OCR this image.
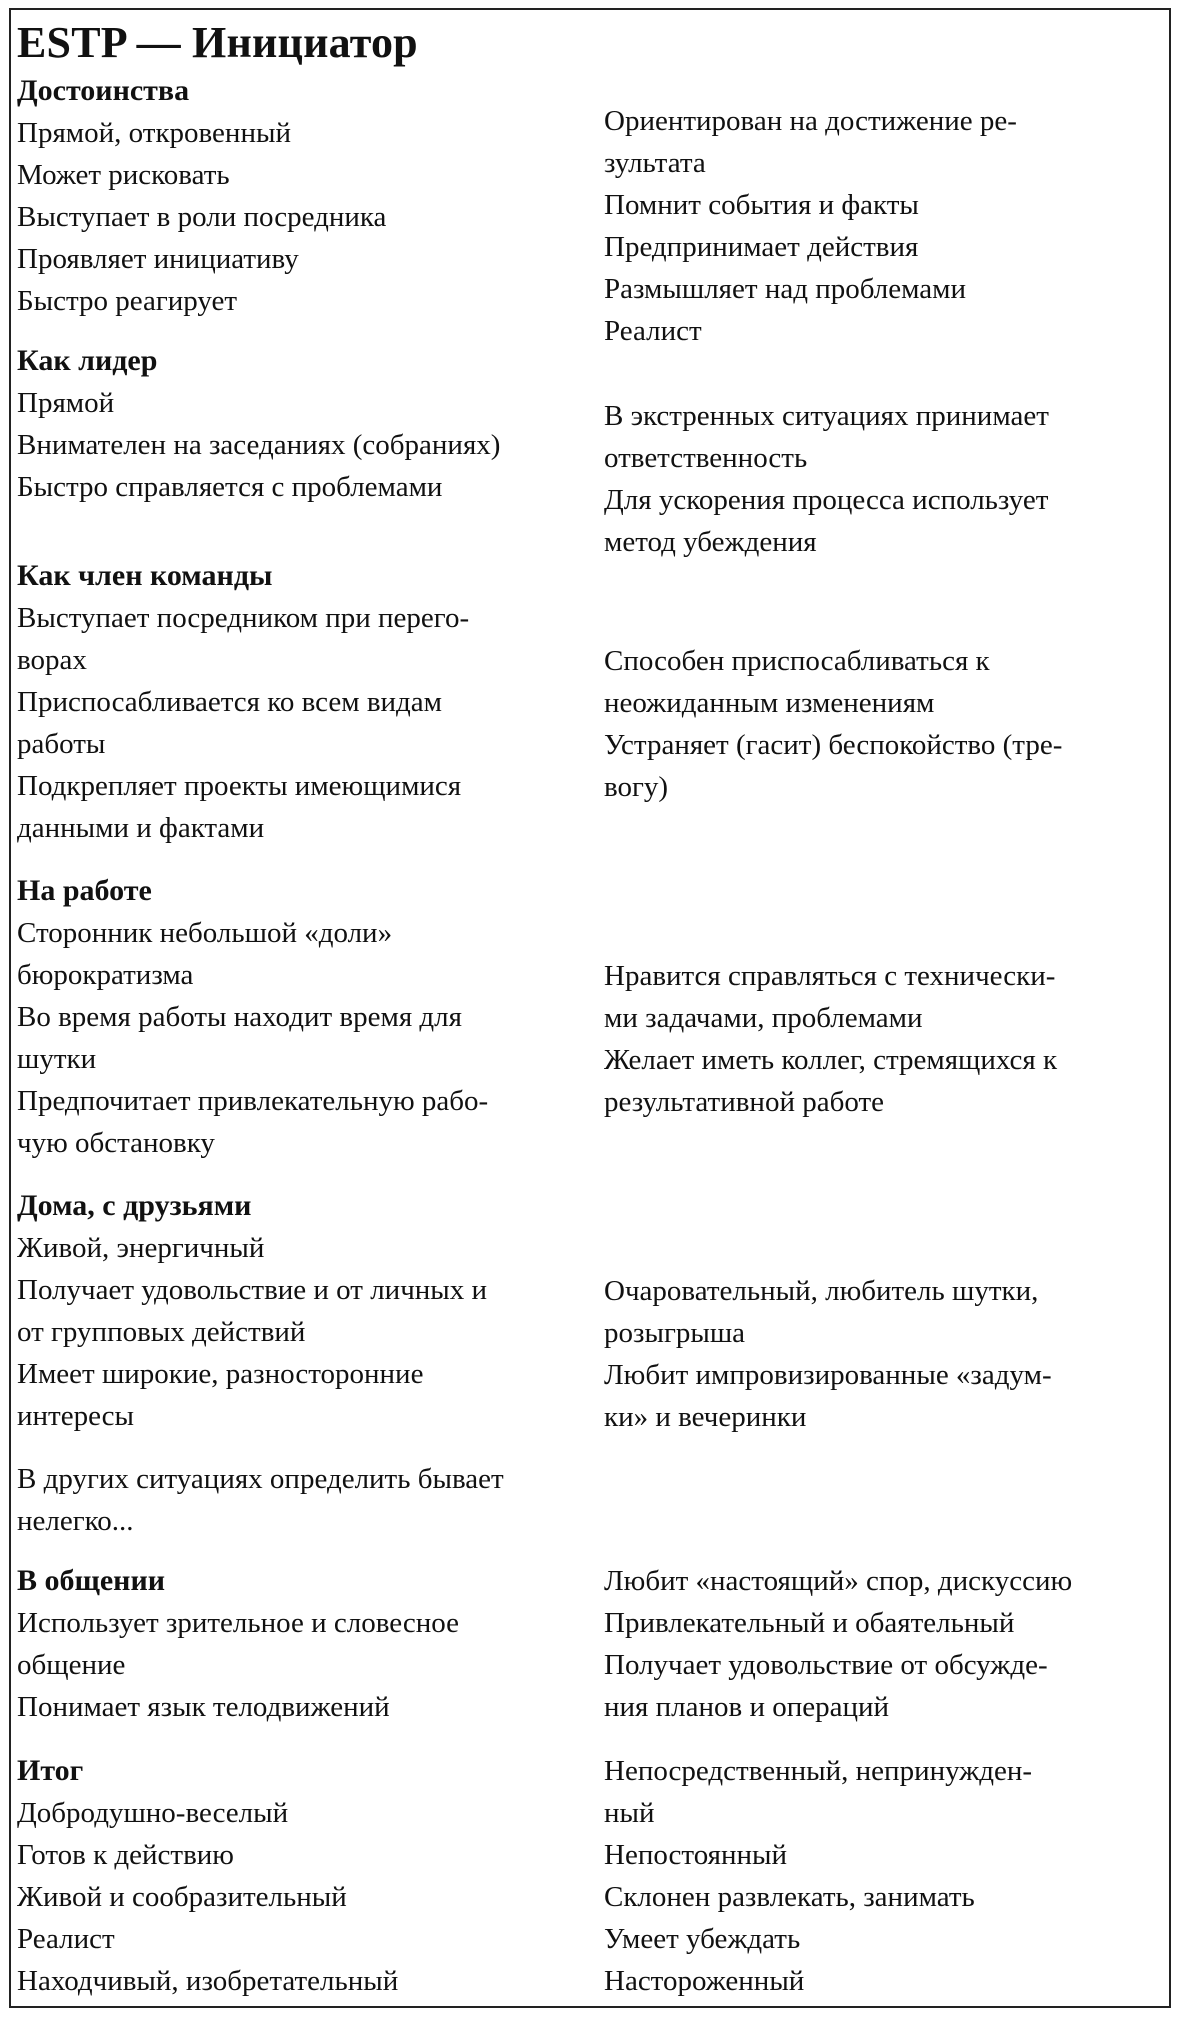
ESTP — Инициатор
Достоинства
Прямой, откровенный
Может рисковать
Выступает в роли посредника
Проявляет инициативу
Быстро реагирует
Ориентирован на достижение ре-
зультата
Помнит события и факты
Предпринимает действия
Размышляет над проблемами
Реалист
Как лидер
Прямой
Внимателен на заседаниях (собраниях)
Быстро справляется с проблемами
В экстренных ситуациях принимает
ответственность
Для ускорения процесса использует
метод убеждения
Как член команды
Выступает посредником при перего-
ворах
Приспосабливается ко всем видам
работы
Подкрепляет проекты имеющимися
данными и фактами
Способен приспосабливаться к
неожиданным изменениям
Устраняет (гасит) беспокойство (тре-
вогу)
На работе
Сторонник небольшой «доли»
бюрократизма
Во время работы находит время для
шутки
Предпочитает привлекательную рабо-
чую обстановку
Нравится справляться с технически-
ми задачами, проблемами
Желает иметь коллег, стремящихся к
результативной работе
Дома, с друзьями
Живой, энергичный
Получает удовольствие и от личных и
от групповых действий
Имеет широкие, разносторонние
интересы
Очаровательный, любитель шутки,
розыгрыша
Любит импровизированные «задум-
ки» и вечеринки
В других ситуациях определить бывает
нелегко...
В общении
Использует зрительное и словесное
общение
Понимает язык телодвижений
Любит «настоящий» спор, дискуссию
Привлекательный и обаятельный
Получает удовольствие от обсужде-
ния планов и операций
Итог
Добродушно-веселый
Готов к действию
Живой и сообразительный
Реалист
Находчивый, изобретательный
Непосредственный, непринужден-
ный
Непостоянный
Склонен развлекать, занимать
Умеет убеждать
Настороженный
